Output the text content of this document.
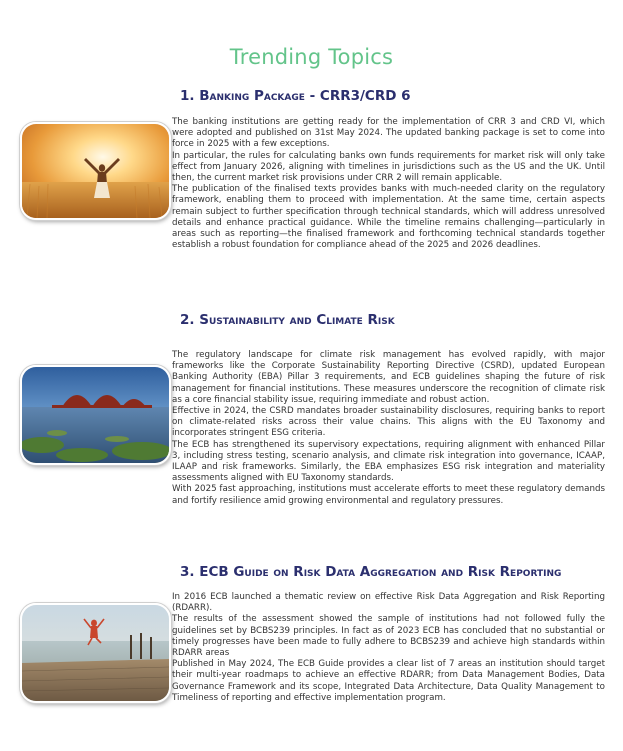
Trending Topics
1. Banking Package - CRR3/CRD 6

The banking institutions are getting ready for the implementation of CRR 3 and CRD VI, which were adopted and published on 31st May 2024. The updated banking package is set to come into force in 2025 with a few exceptions.

In particular, the rules for calculating banks own funds requirements for market risk will only take effect from January 2026, aligning with timelines in jurisdictions such as the US and the UK. Until then, the current market risk provisions under CRR 2 will remain applicable.

The publication of the finalised texts provides banks with much-needed clarity on the regulatory framework, enabling them to proceed with implementation. At the same time, certain aspects remain subject to further specification through technical standards, which will address unresolved details and enhance practical guidance. While the timeline remains challenging—particularly in areas such as reporting—the finalised framework and forthcoming technical standards together establish a robust foundation for compliance ahead of the 2025 and 2026 deadlines.

2. Sustainability and Climate Risk

The regulatory landscape for climate risk management has evolved rapidly, with major frameworks like the Corporate Sustainability Reporting Directive (CSRD), updated European Banking Authority (EBA) Pillar 3 requirements, and ECB guidelines shaping the future of risk management for financial institutions. These measures underscore the recognition of climate risk as a core financial stability issue, requiring immediate and robust action.

Effective in 2024, the CSRD mandates broader sustainability disclosures, requiring banks to report on climate-related risks across their value chains. This aligns with the EU Taxonomy and incorporates stringent ESG criteria.

The ECB has strengthened its supervisory expectations, requiring alignment with enhanced Pillar 3, including stress testing, scenario analysis, and climate risk integration into governance, ICAAP, ILAAP and risk frameworks. Similarly, the EBA emphasizes ESG risk integration and materiality assessments aligned with EU Taxonomy standards.

With 2025 fast approaching, institutions must accelerate efforts to meet these regulatory demands and fortify resilience amid growing environmental and regulatory pressures.

3. ECB Guide on Risk Data Aggregation and Risk Reporting

In 2016 ECB launched a thematic review on effective Risk Data Aggregation and Risk Reporting (RDARR).

The results of the assessment showed the sample of institutions had not followed fully the guidelines set by BCBS239 principles. In fact as of 2023 ECB has concluded that no substantial or timely progresses have been made to fully adhere to BCBS239 and achieve high standards within RDARR areas

Published in May 2024, The ECB Guide provides a clear list of 7 areas an institution should target their multi-year roadmaps to achieve an effective RDARR; from Data Management Bodies, Data Governance Framework and its scope, Integrated Data Architecture, Data Quality Management to Timeliness of reporting and effective implementation program.
